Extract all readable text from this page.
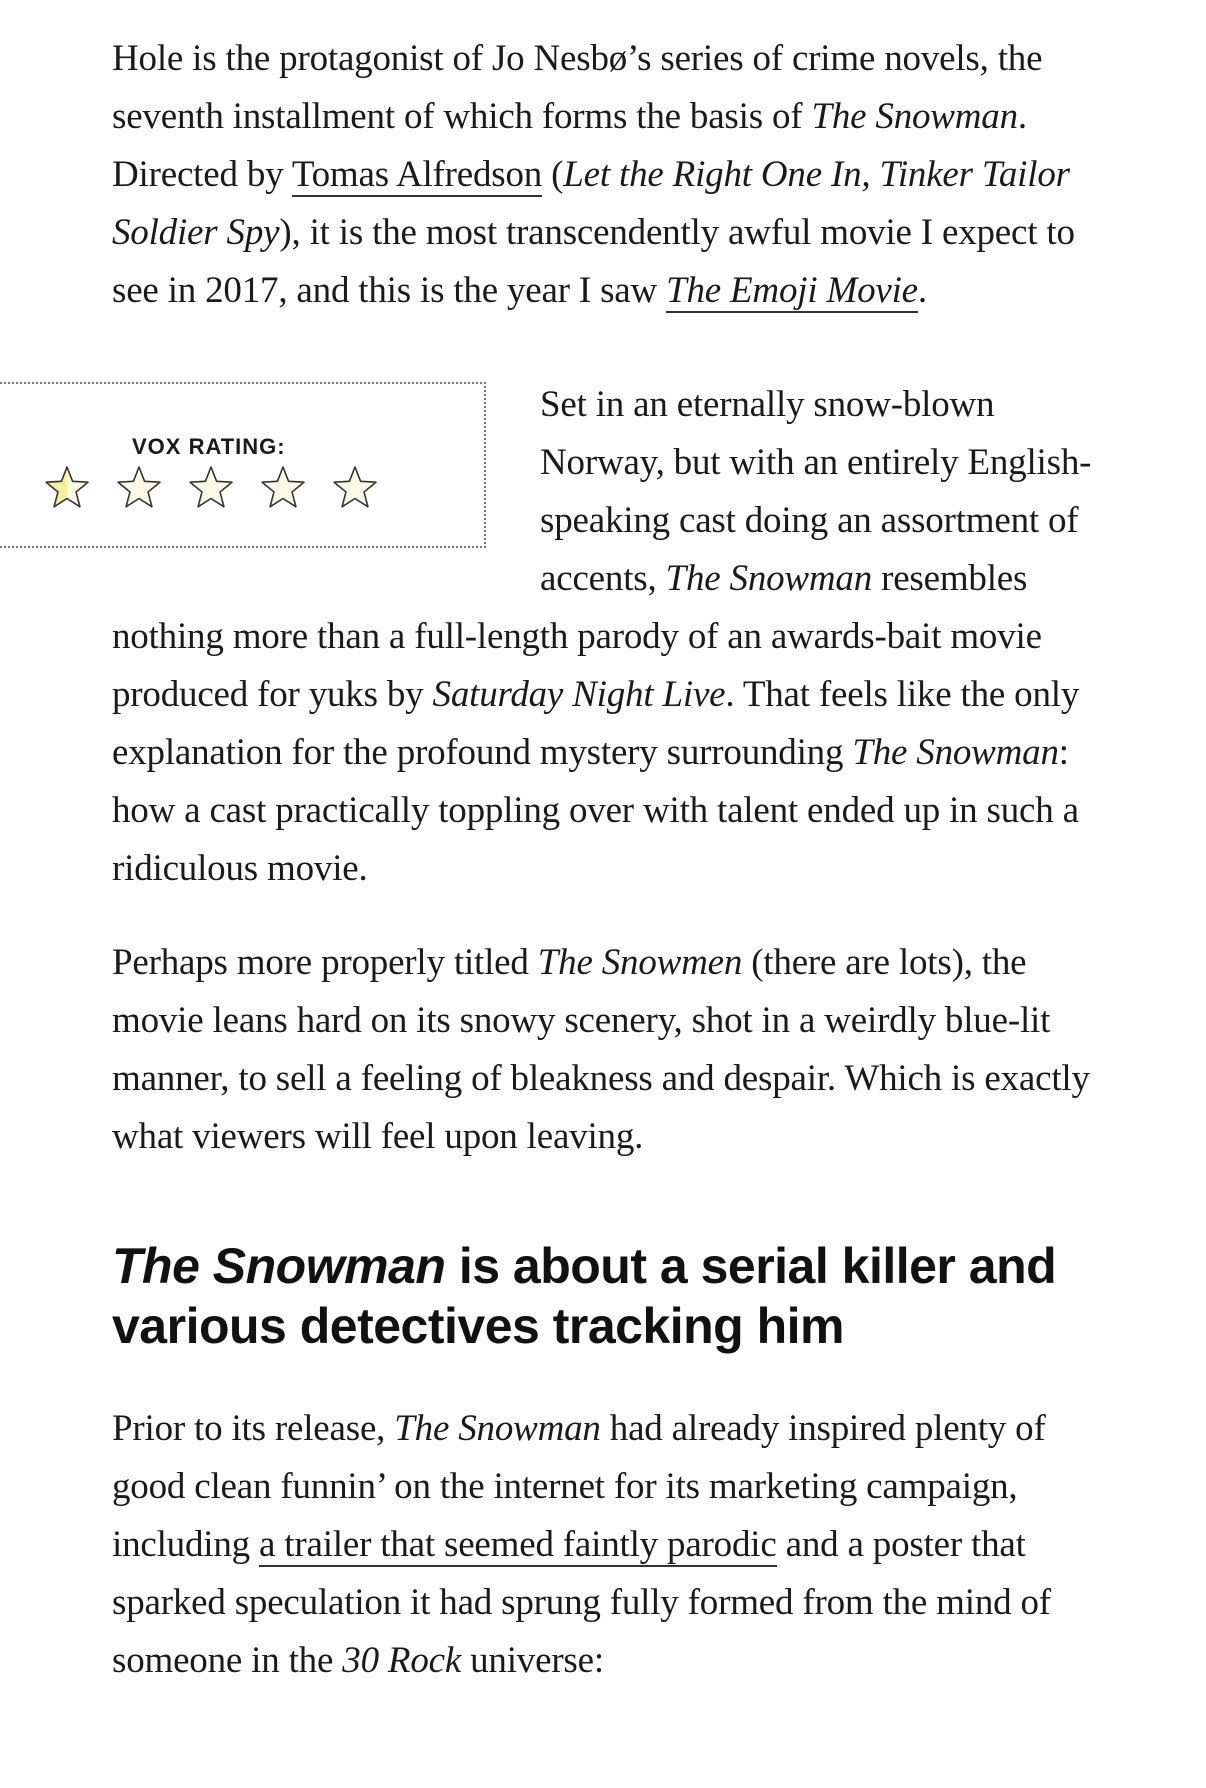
Hole is the protagonist of Jo Nesbø’s series of crime novels, the seventh installment of which forms the basis of The Snowman. Directed by Tomas Alfredson (Let the Right One In, Tinker Tailor Soldier Spy), it is the most transcendently awful movie I expect to see in 2017, and this is the year I saw The Emoji Movie.

VOX RATING:
Set in an eternally snow-blown Norway, but with an entirely English-speaking cast doing an assortment of accents, The Snowman resembles nothing more than a full-length parody of an awards-bait movie produced for yuks by Saturday Night Live. That feels like the only explanation for the profound mystery surrounding The Snowman: how a cast practically toppling over with talent ended up in such a ridiculous movie.

Perhaps more properly titled The Snowmen (there are lots), the movie leans hard on its snowy scenery, shot in a weirdly blue-lit manner, to sell a feeling of bleakness and despair. Which is exactly what viewers will feel upon leaving.

The Snowman is about a serial killer and various detectives tracking him

Prior to its release, The Snowman had already inspired plenty of good clean funnin’ on the internet for its marketing campaign, including a trailer that seemed faintly parodic and a poster that sparked speculation it had sprung fully formed from the mind of someone in the 30 Rock universe:
